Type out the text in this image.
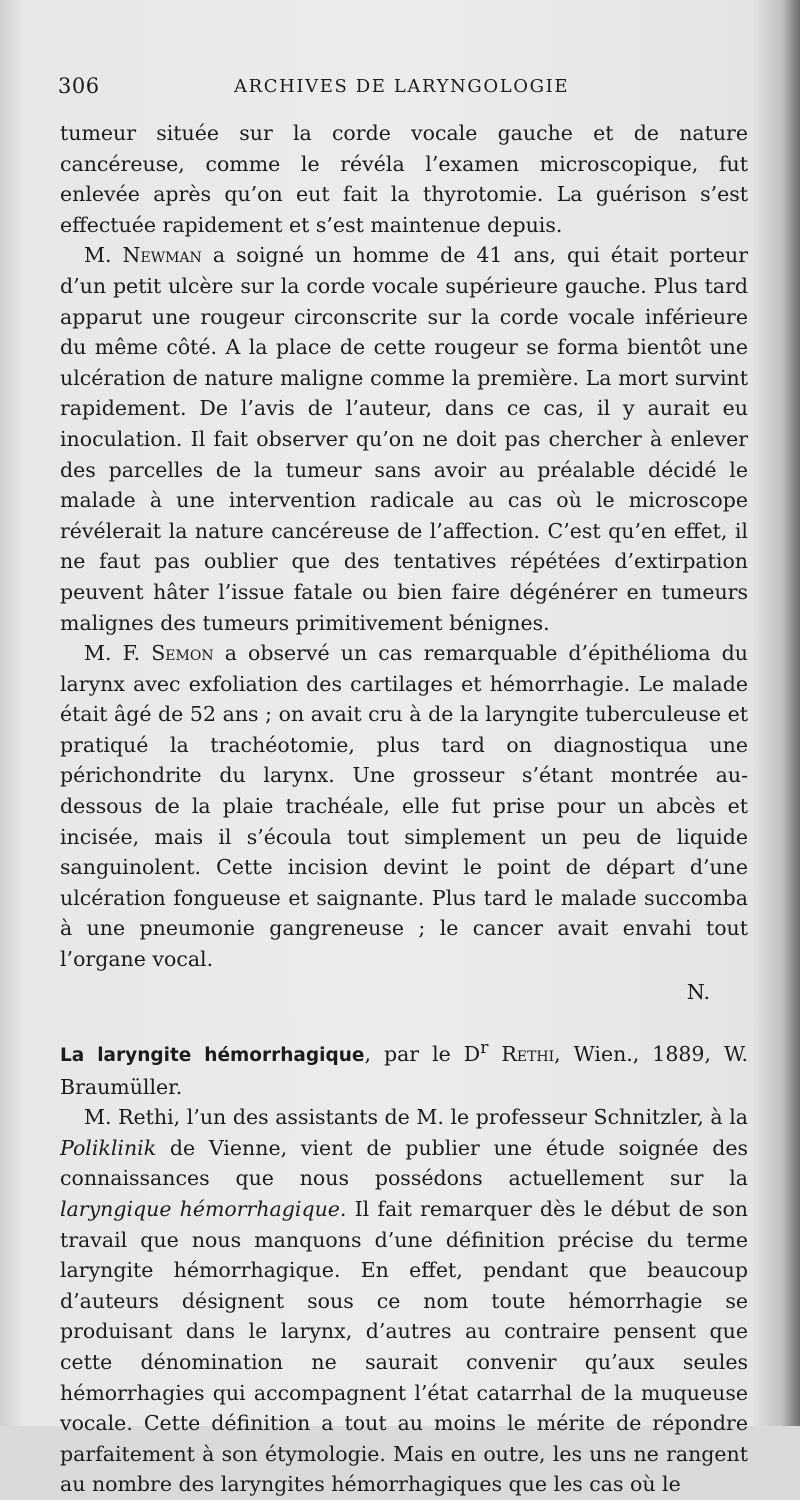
306	ARCHIVES DE LARYNGOLOGIE

tumeur située sur la corde vocale gauche et de nature cancéreuse, comme le révéla l’examen microscopique, fut enlevée après qu’on eut fait la thyrotomie. La guérison s’est effectuée rapidement et s’est maintenue depuis.

M. Newman a soigné un homme de 41 ans, qui était porteur d’un petit ulcère sur la corde vocale supérieure gauche. Plus tard apparut une rougeur circonscrite sur la corde vocale inférieure du même côté. A la place de cette rougeur se forma bientôt une ulcération de nature maligne comme la première. La mort survint rapidement. De l’avis de l’auteur, dans ce cas, il y aurait eu inoculation. Il fait observer qu’on ne doit pas chercher à enlever des parcelles de la tumeur sans avoir au préalable décidé le malade à une intervention radicale au cas où le microscope révélerait la nature cancéreuse de l’affection. C’est qu’en effet, il ne faut pas oublier que des tentatives répétées d’extirpation peuvent hâter l’issue fatale ou bien faire dégénérer en tumeurs malignes des tumeurs primitivement bénignes.

M. F. Semon a observé un cas remarquable d’épithélioma du larynx avec exfoliation des cartilages et hémorrhagie. Le malade était âgé de 52 ans ; on avait cru à de la laryngite tuberculeuse et pratiqué la trachéotomie, plus tard on diagnostiqua une périchondrite du larynx. Une grosseur s’étant montrée au-dessous de la plaie trachéale, elle fut prise pour un abcès et incisée, mais il s’écoula tout simplement un peu de liquide sanguinolent. Cette incision devint le point de départ d’une ulcération fongueuse et saignante. Plus tard le malade succomba à une pneumonie gangreneuse ; le cancer avait envahi tout l’organe vocal.

N.

La laryngite hémorrhagique, par le $D^r$ Rethi, Wien., 1889, W. Braumüller.

M. Rethi, l’un des assistants de M. le professeur Schnitzler, à la Poliklinik de Vienne, vient de publier une étude soignée des connaissances que nous possédons actuellement sur la laryngique hémorrhagique. Il fait remarquer dès le début de son travail que nous manquons d’une définition précise du terme laryngite hémorrhagique. En effet, pendant que beaucoup d’auteurs désignent sous ce nom toute hémorrhagie se produisant dans le larynx, d’autres au contraire pensent que cette dénomination ne saurait convenir qu’aux seules hémorrhagies qui accompagnent l’état catarrhal de la muqueuse vocale. Cette définition a tout au moins le mérite de répondre parfaitement à son étymologie. Mais en outre, les uns ne rangent au nombre des laryngites hémorrhagiques que les cas où le
